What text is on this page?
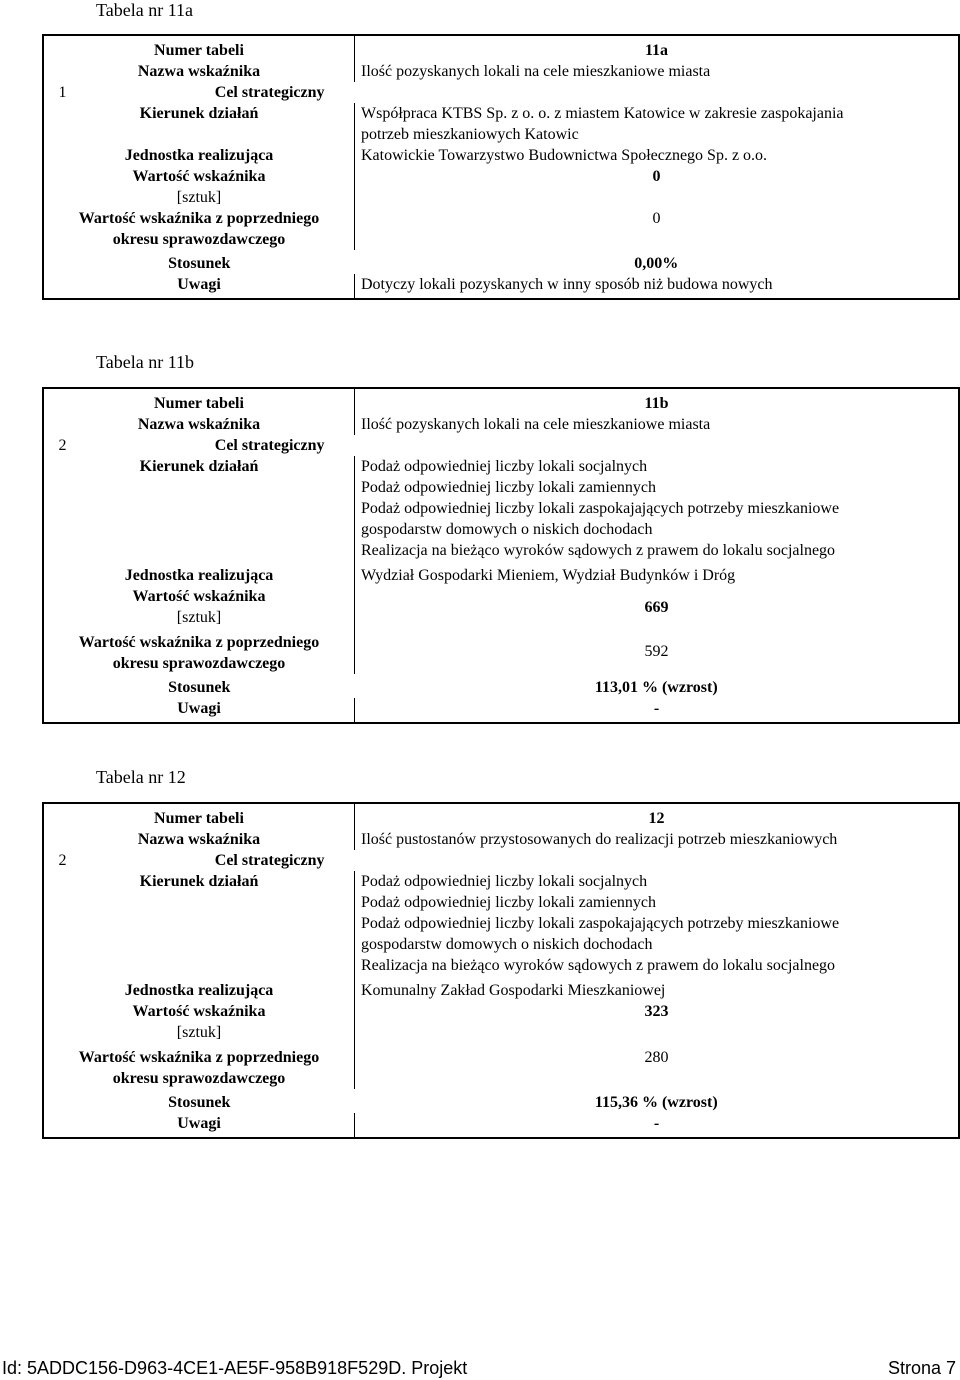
Tabela nr 11a
Numer tabeli	11a
Nazwa wskaźnika	Ilość pozyskanych lokali na cele mieszkaniowe miasta
Cel strategiczny	1
Kierunek działań	Współpraca KTBS Sp. z o. o. z miastem Katowice w zakresie zaspokajania
potrzeb mieszkaniowych Katowic

Jednostka realizująca	Katowickie Towarzystwo Budownictwa Społecznego Sp. z o.o.

Wartość wskaźnika
[sztuk]	0

Wartość wskaźnika z poprzedniego
okresu sprawozdawczego	0
Stosunek	0,00%
Uwagi	Dotyczy lokali pozyskanych w inny sposób niż budowa nowych
Tabela nr 11b
Numer tabeli	11b
Nazwa wskaźnika	Ilość pozyskanych lokali na cele mieszkaniowe miasta
Cel strategiczny	2
Kierunek działań	Podaż odpowiedniej liczby lokali socjalnych
Podaż odpowiedniej liczby lokali zamiennych
Podaż odpowiedniej liczby lokali zaspokajających potrzeby mieszkaniowe
gospodarstw domowych o niskich dochodach
Realizacja na bieżąco wyroków sądowych z prawem do lokalu socjalnego

Jednostka realizująca	Wydział Gospodarki Mieniem, Wydział Budynków i Dróg

Wartość wskaźnika
[sztuk]	669

Wartość wskaźnika z poprzedniego
okresu sprawozdawczego	592
Stosunek	113,01 % (wzrost)
Uwagi	-
Tabela nr 12
Numer tabeli	12
Nazwa wskaźnika	Ilość pustostanów przystosowanych do realizacji potrzeb mieszkaniowych
Cel strategiczny	2
Kierunek działań	Podaż odpowiedniej liczby lokali socjalnych
Podaż odpowiedniej liczby lokali zamiennych
Podaż odpowiedniej liczby lokali zaspokajających potrzeby mieszkaniowe
gospodarstw domowych o niskich dochodach
Realizacja na bieżąco wyroków sądowych z prawem do lokalu socjalnego

Jednostka realizująca	Komunalny Zakład Gospodarki Mieszkaniowej

Wartość wskaźnika
[sztuk]	323

Wartość wskaźnika z poprzedniego
okresu sprawozdawczego	280
Stosunek	115,36 % (wzrost)
Uwagi	-
Id: 5ADDC156-D963-4CE1-AE5F-958B918F529D. Projekt	Strona 7
